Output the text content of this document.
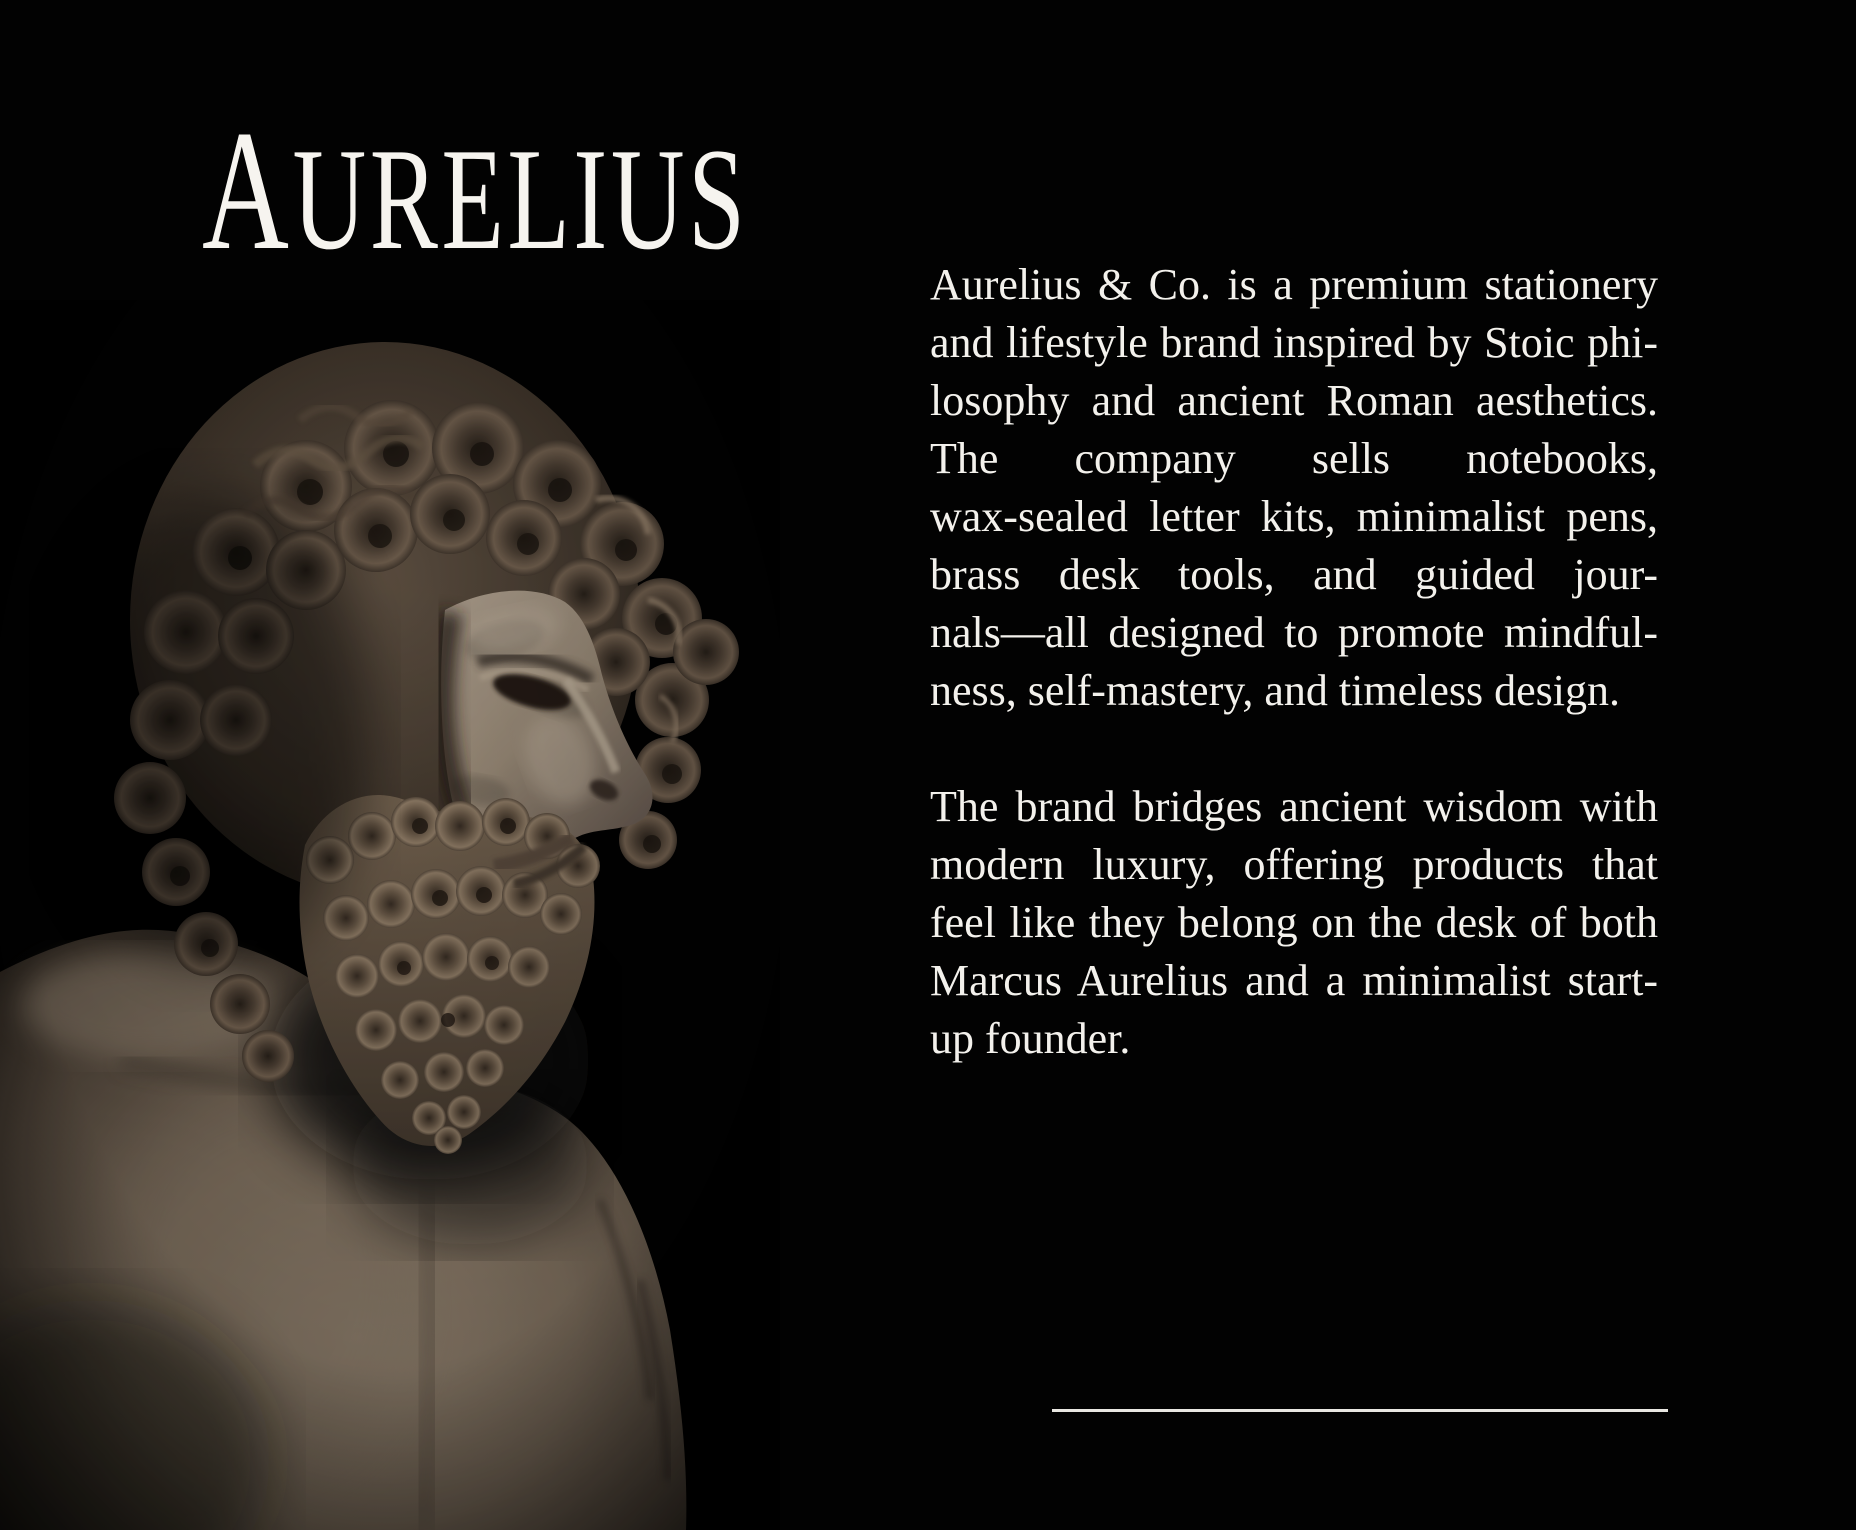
AURELIUS
Aurelius & Co. is a premium stationery
and lifestyle brand inspired by Stoic phi-
losophy and ancient Roman aesthetics.
The company sells notebooks,
wax-sealed letter kits, minimalist pens,
brass desk tools, and guided jour-
nals—all designed to promote mindful-
ness, self-mastery, and timeless design.
The brand bridges ancient wisdom with
modern luxury, offering products that
feel like they belong on the desk of both
Marcus Aurelius and a minimalist start-
up founder.
